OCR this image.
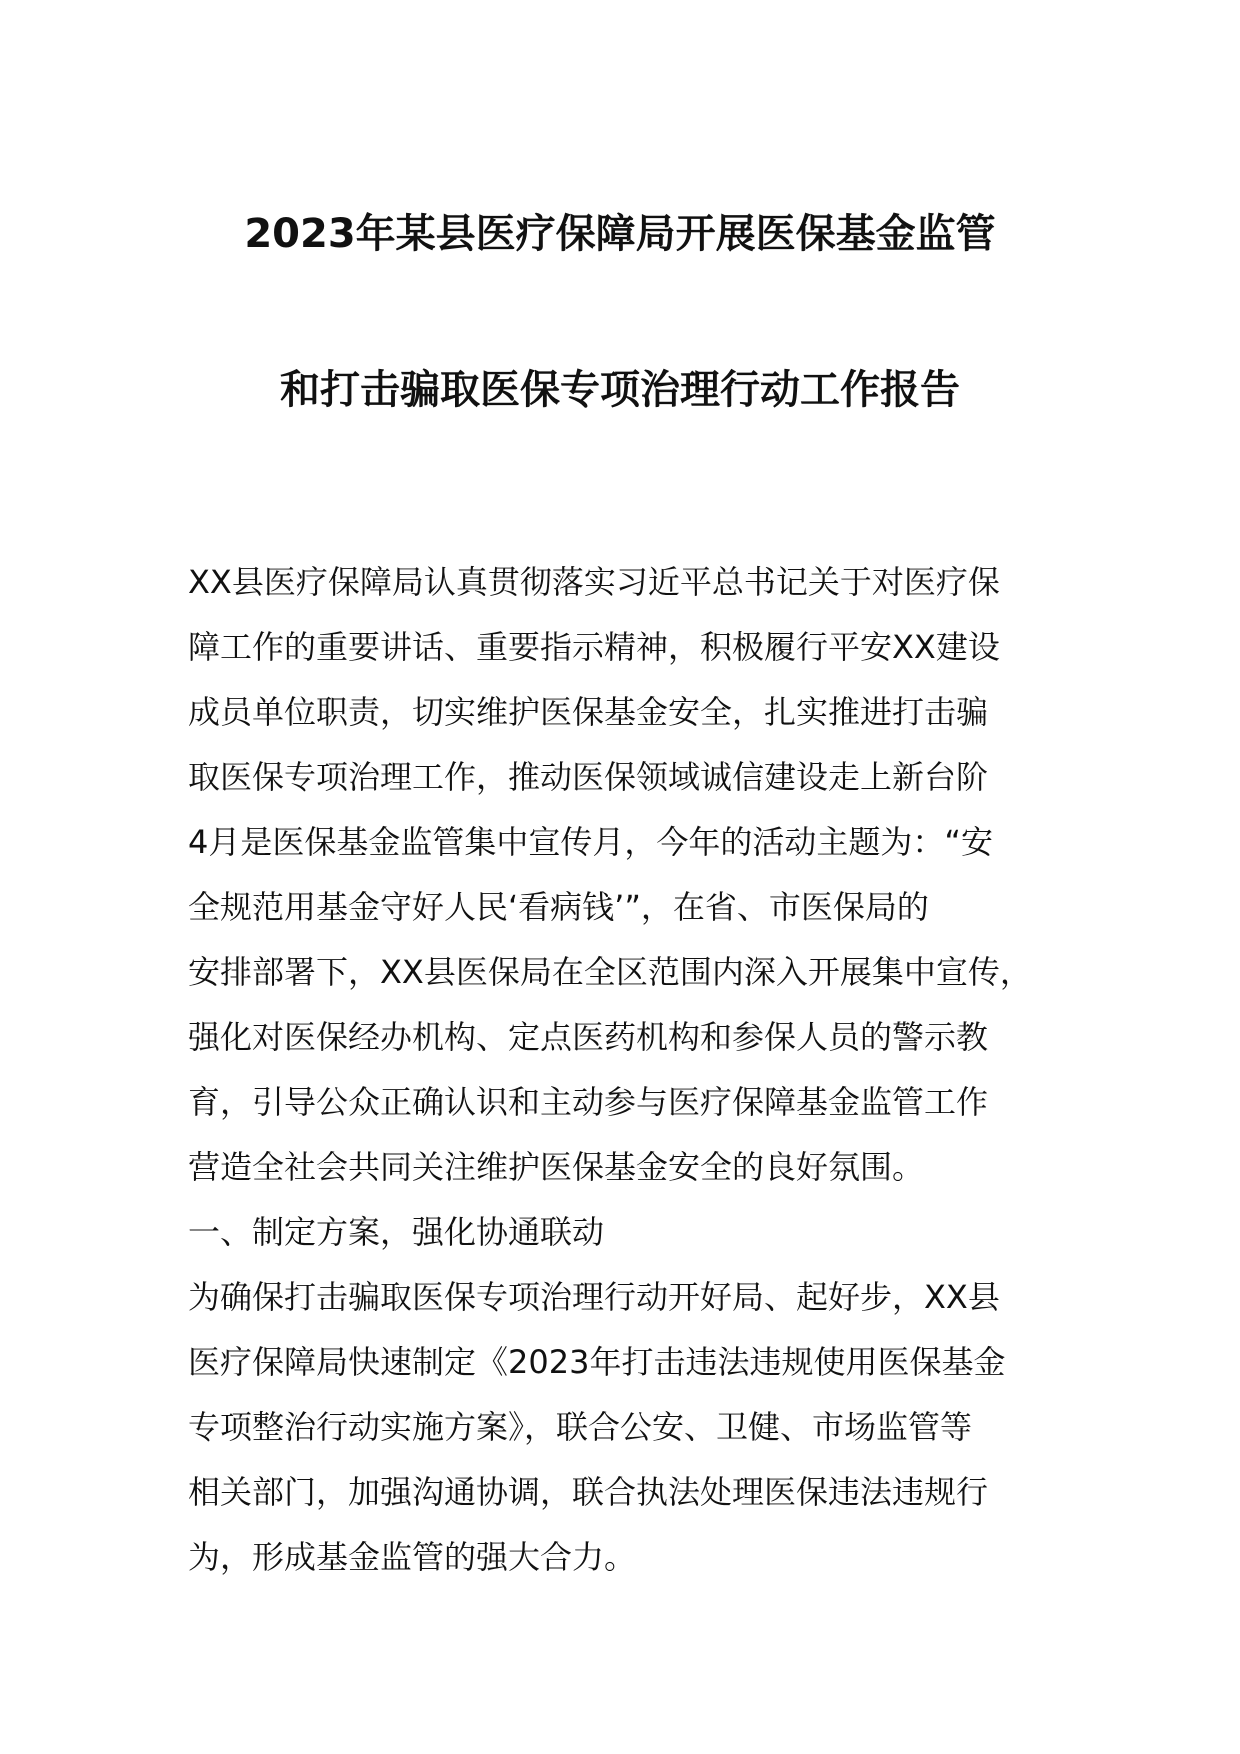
2023年某县医疗保障局开展医保基金监管
和打击骗取医保专项治理行动工作报告
XX县医疗保障局认真贯彻落实习近平总书记关于对医疗保
障工作的重要讲话、重要指示精神，积极履行平安XX建设
成员单位职责，切实维护医保基金安全，扎实推进打击骗
取医保专项治理工作，推动医保领域诚信建设走上新台阶
4月是医保基金监管集中宣传月，今年的活动主题为：“安
全规范用基金守好人民‘看病钱’”，在省、市医保局的
安排部署下，XX县医保局在全区范围内深入开展集中宣传，
强化对医保经办机构、定点医药机构和参保人员的警示教
育，引导公众正确认识和主动参与医疗保障基金监管工作
营造全社会共同关注维护医保基金安全的良好氛围。
一、制定方案，强化协通联动
为确保打击骗取医保专项治理行动开好局、起好步，XX县
医疗保障局快速制定《2023年打击违法违规使用医保基金
专项整治行动实施方案》，联合公安、卫健、市场监管等
相关部门，加强沟通协调，联合执法处理医保违法违规行
为，形成基金监管的强大合力。
